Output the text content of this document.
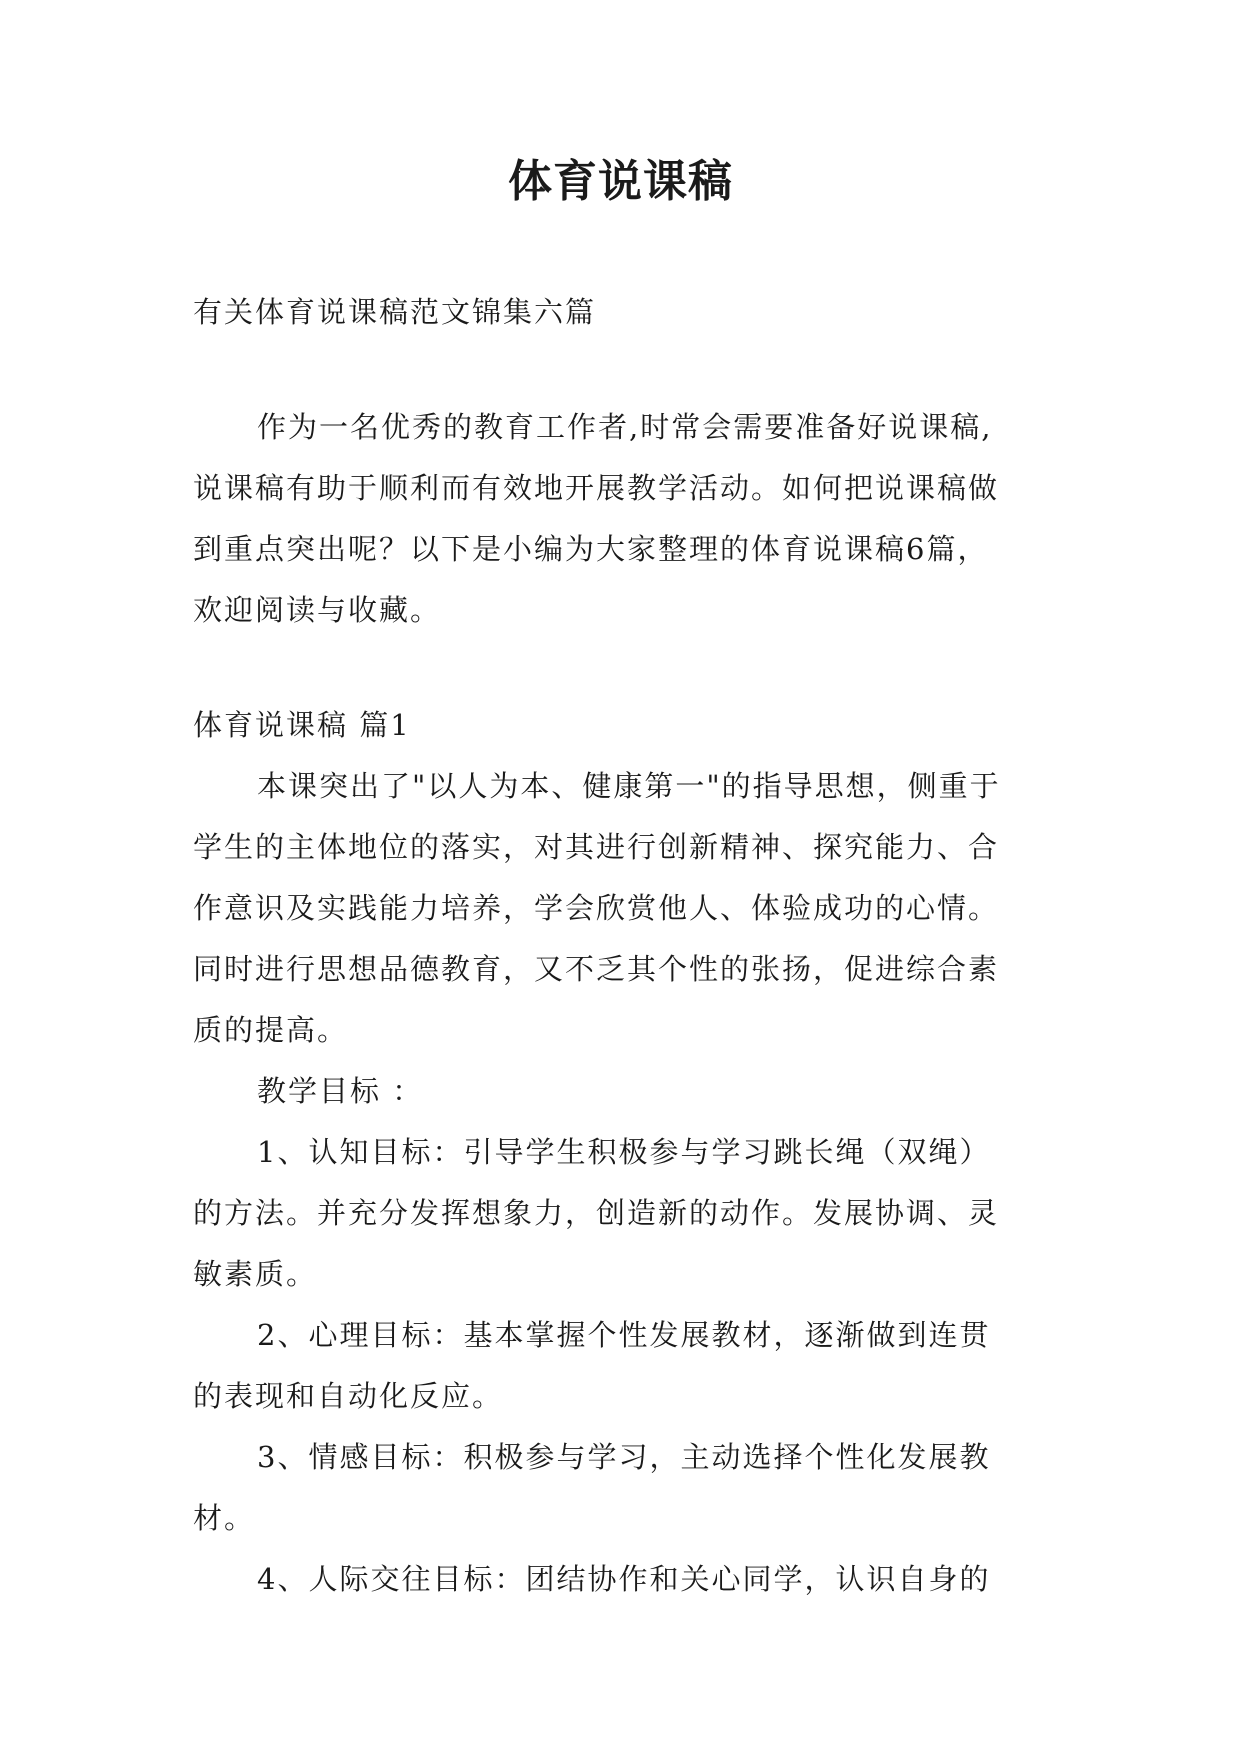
体育说课稿

有关体育说课稿范文锦集六篇

作为一名优秀的教育工作者,时常会需要准备好说课稿,
说课稿有助于顺利而有效地开展教学活动。如何把说课稿做
到重点突出呢？以下是小编为大家整理的体育说课稿6篇，
欢迎阅读与收藏。
体育说课稿 篇1
本课突出了"以人为本、健康第一"的指导思想，侧重于
学生的主体地位的落实，对其进行创新精神、探究能力、合
作意识及实践能力培养，学会欣赏他人、体验成功的心情。
同时进行思想品德教育，又不乏其个性的张扬，促进综合素
质的提高。
教学目标 ：
1、认知目标：引导学生积极参与学习跳长绳（双绳）
的方法。并充分发挥想象力，创造新的动作。发展协调、灵
敏素质。
2、心理目标：基本掌握个性发展教材，逐渐做到连贯
的表现和自动化反应。
3、情感目标：积极参与学习，主动选择个性化发展教
材。
4、人际交往目标：团结协作和关心同学，认识自身的
